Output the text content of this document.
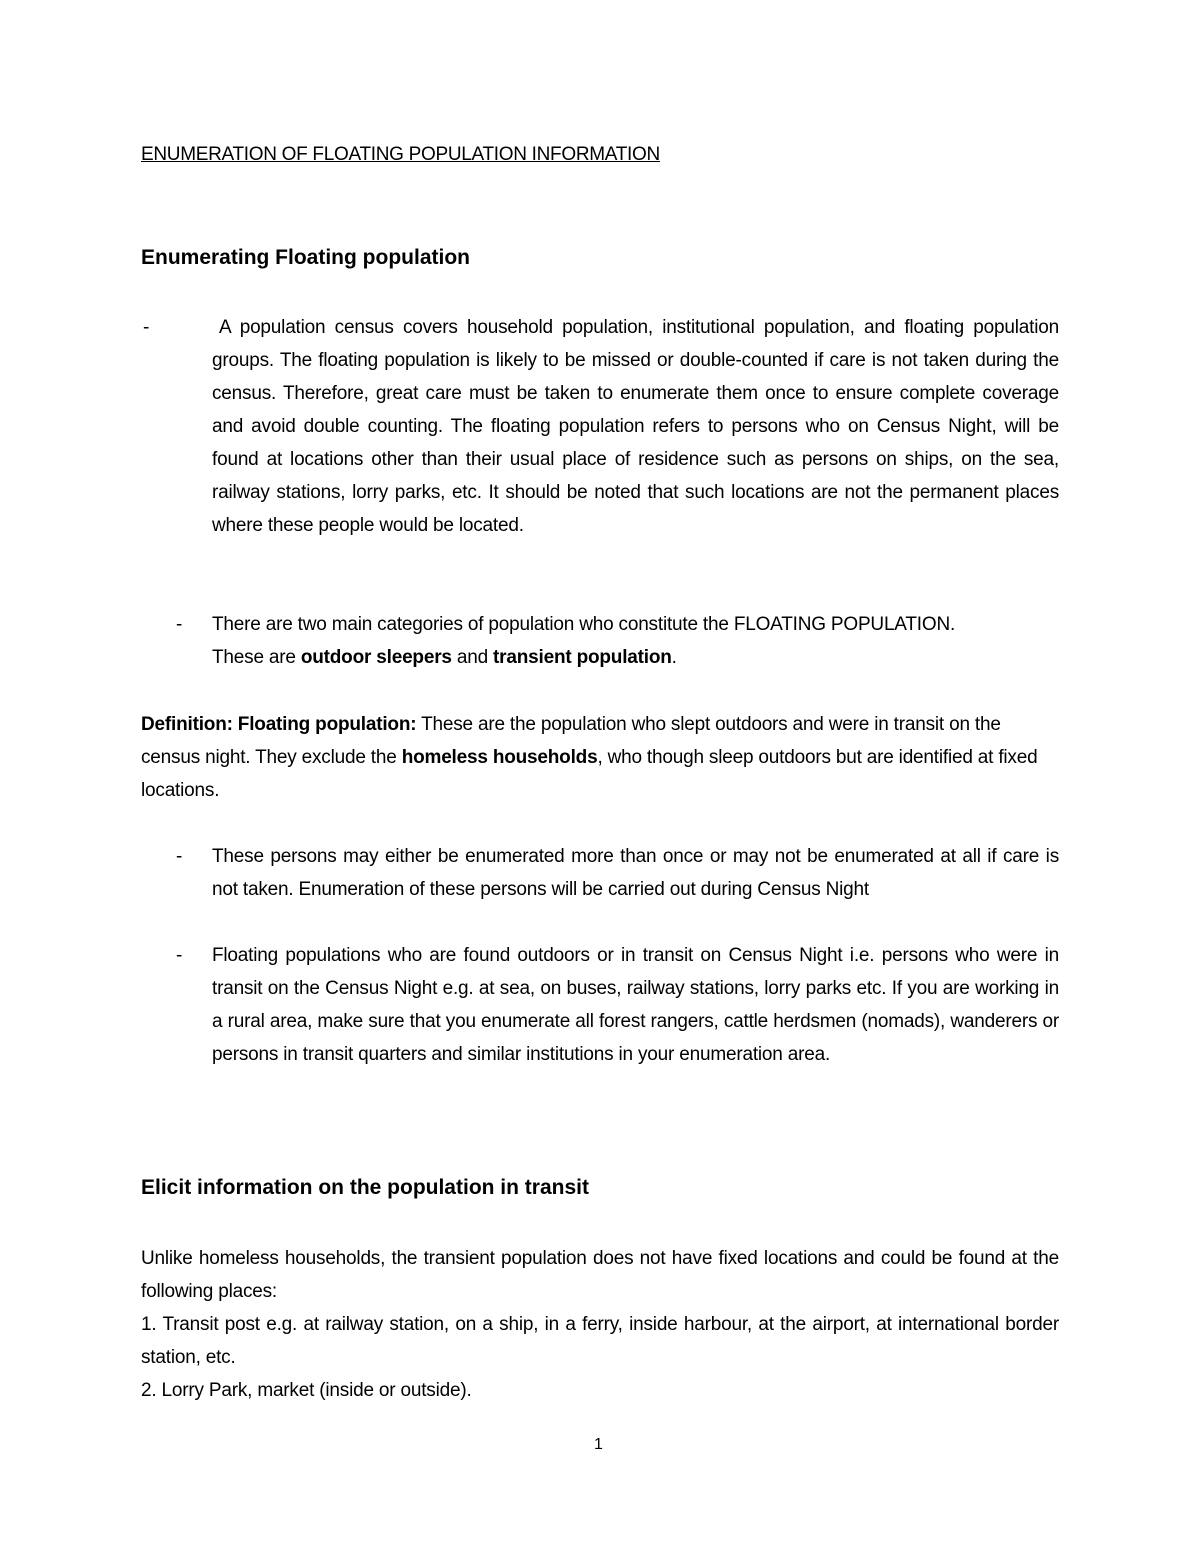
ENUMERATION OF FLOATING POPULATION INFORMATION
Enumerating Floating population
-	A population census covers household population, institutional population, and floating population groups. The floating population is likely to be missed or double-counted if care is not taken during the census. Therefore, great care must be taken to enumerate them once to ensure complete coverage and avoid double counting. The floating population refers to persons who on Census Night, will be found at locations other than their usual place of residence such as persons on ships, on the sea, railway stations, lorry parks, etc. It should be noted that such locations are not the permanent places where these people would be located.
- There are two main categories of population who constitute the FLOATING POPULATION.
These are outdoor sleepers and transient population.
Definition: Floating population: These are the population who slept outdoors and were in transit on the census night. They exclude the homeless households, who though sleep outdoors but are identified at fixed locations.
- These persons may either be enumerated more than once or may not be enumerated at all if care is not taken. Enumeration of these persons will be carried out during Census Night
- Floating populations who are found outdoors or in transit on Census Night i.e. persons who were in transit on the Census Night e.g. at sea, on buses, railway stations, lorry parks etc. If you are working in a rural area, make sure that you enumerate all forest rangers, cattle herdsmen (nomads), wanderers or persons in transit quarters and similar institutions in your enumeration area.
Elicit information on the population in transit
Unlike homeless households, the transient population does not have fixed locations and could be found at the following places:
1. Transit post e.g. at railway station, on a ship, in a ferry, inside harbour, at the airport, at international border station, etc.
2. Lorry Park, market (inside or outside).
1
